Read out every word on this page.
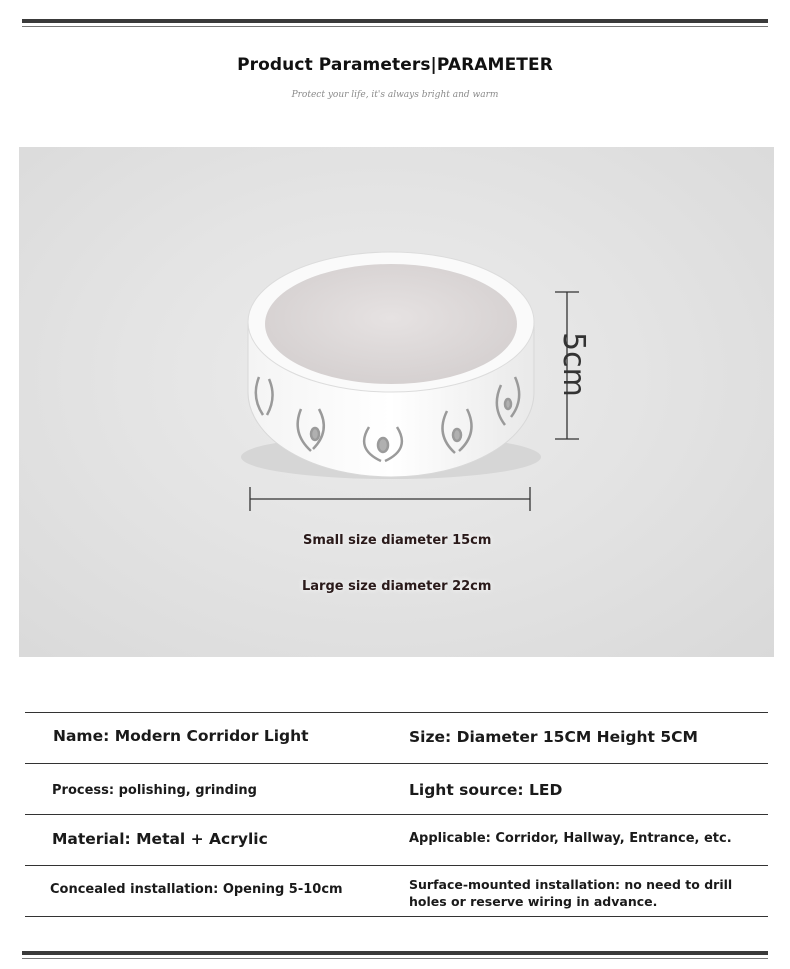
Product Parameters|PARAMETER
Protect your life, it's always bright and warm
5cm
Small size diameter 15cm
Large size diameter 22cm
Name: Modern Corridor Light	Size: Diameter 15CM Height 5CM
Process: polishing, grinding	Light source: LED
Material: Metal + Acrylic	Applicable: Corridor, Hallway, Entrance, etc.
Concealed installation: Opening 5-10cm	Surface-mounted installation: no need to drill holes or reserve wiring in advance.
